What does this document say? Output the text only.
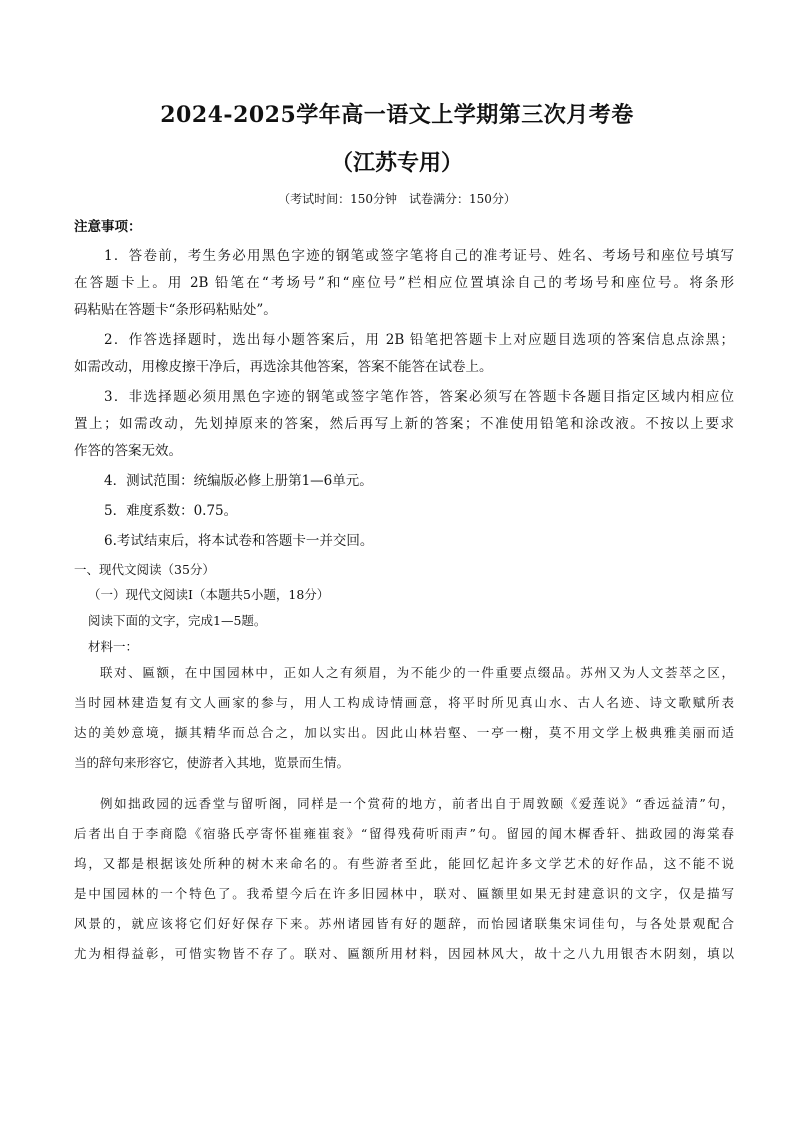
2024-2025学年高一语文上学期第三次月考卷
（江苏专用）
（考试时间：150分钟　试卷满分：150分）
注意事项：
1．答卷前，考生务必用黑色字迹的钢笔或签字笔将自己的准考证号、姓名、考场号和座位号填写
在答题卡上。用 2B 铅笔在“考场号”和“座位号”栏相应位置填涂自己的考场号和座位号。将条形
码粘贴在答题卡“条形码粘贴处”。
2．作答选择题时，选出每小题答案后，用 2B 铅笔把答题卡上对应题目选项的答案信息点涂黑；
如需改动，用橡皮擦干净后，再选涂其他答案，答案不能答在试卷上。
3．非选择题必须用黑色字迹的钢笔或签字笔作答，答案必须写在答题卡各题目指定区域内相应位
置上；如需改动，先划掉原来的答案，然后再写上新的答案；不准使用铅笔和涂改液。不按以上要求
作答的答案无效。
4．测试范围：统编版必修上册第1—6单元。
5．难度系数：0.75。
6.考试结束后，将本试卷和答题卡一并交回。
一、现代文阅读（35分）
（一）现代文阅读Ⅰ（本题共5小题，18分）
阅读下面的文字，完成1—5题。
材料一：
联对、匾额，在中国园林中，正如人之有须眉，为不能少的一件重要点缀品。苏州又为人文荟萃之区，
当时园林建造复有文人画家的参与，用人工构成诗情画意，将平时所见真山水、古人名迹、诗文歌赋所表
达的美妙意境，撷其精华而总合之，加以实出。因此山林岩壑、一亭一榭，莫不用文学上极典雅美丽而适
当的辞句来形容它，使游者入其地，览景而生情。
例如拙政园的远香堂与留听阁，同样是一个赏荷的地方，前者出自于周敦颐《爱莲说》“香远益清”句，
后者出自于李商隐《宿骆氏亭寄怀崔雍崔衮》“留得残荷听雨声”句。留园的闻木樨香轩、拙政园的海棠春
坞，又都是根据该处所种的树木来命名的。有些游者至此，能回忆起许多文学艺术的好作品，这不能不说
是中国园林的一个特色了。我希望今后在许多旧园林中，联对、匾额里如果无封建意识的文字，仅是描写
风景的，就应该将它们好好保存下来。苏州诸园皆有好的题辞，而怡园诸联集宋词佳句，与各处景观配合
尤为相得益彰，可惜实物皆不存了。联对、匾额所用材料，因园林风大，故十之八九用银杏木阴刻，填以
